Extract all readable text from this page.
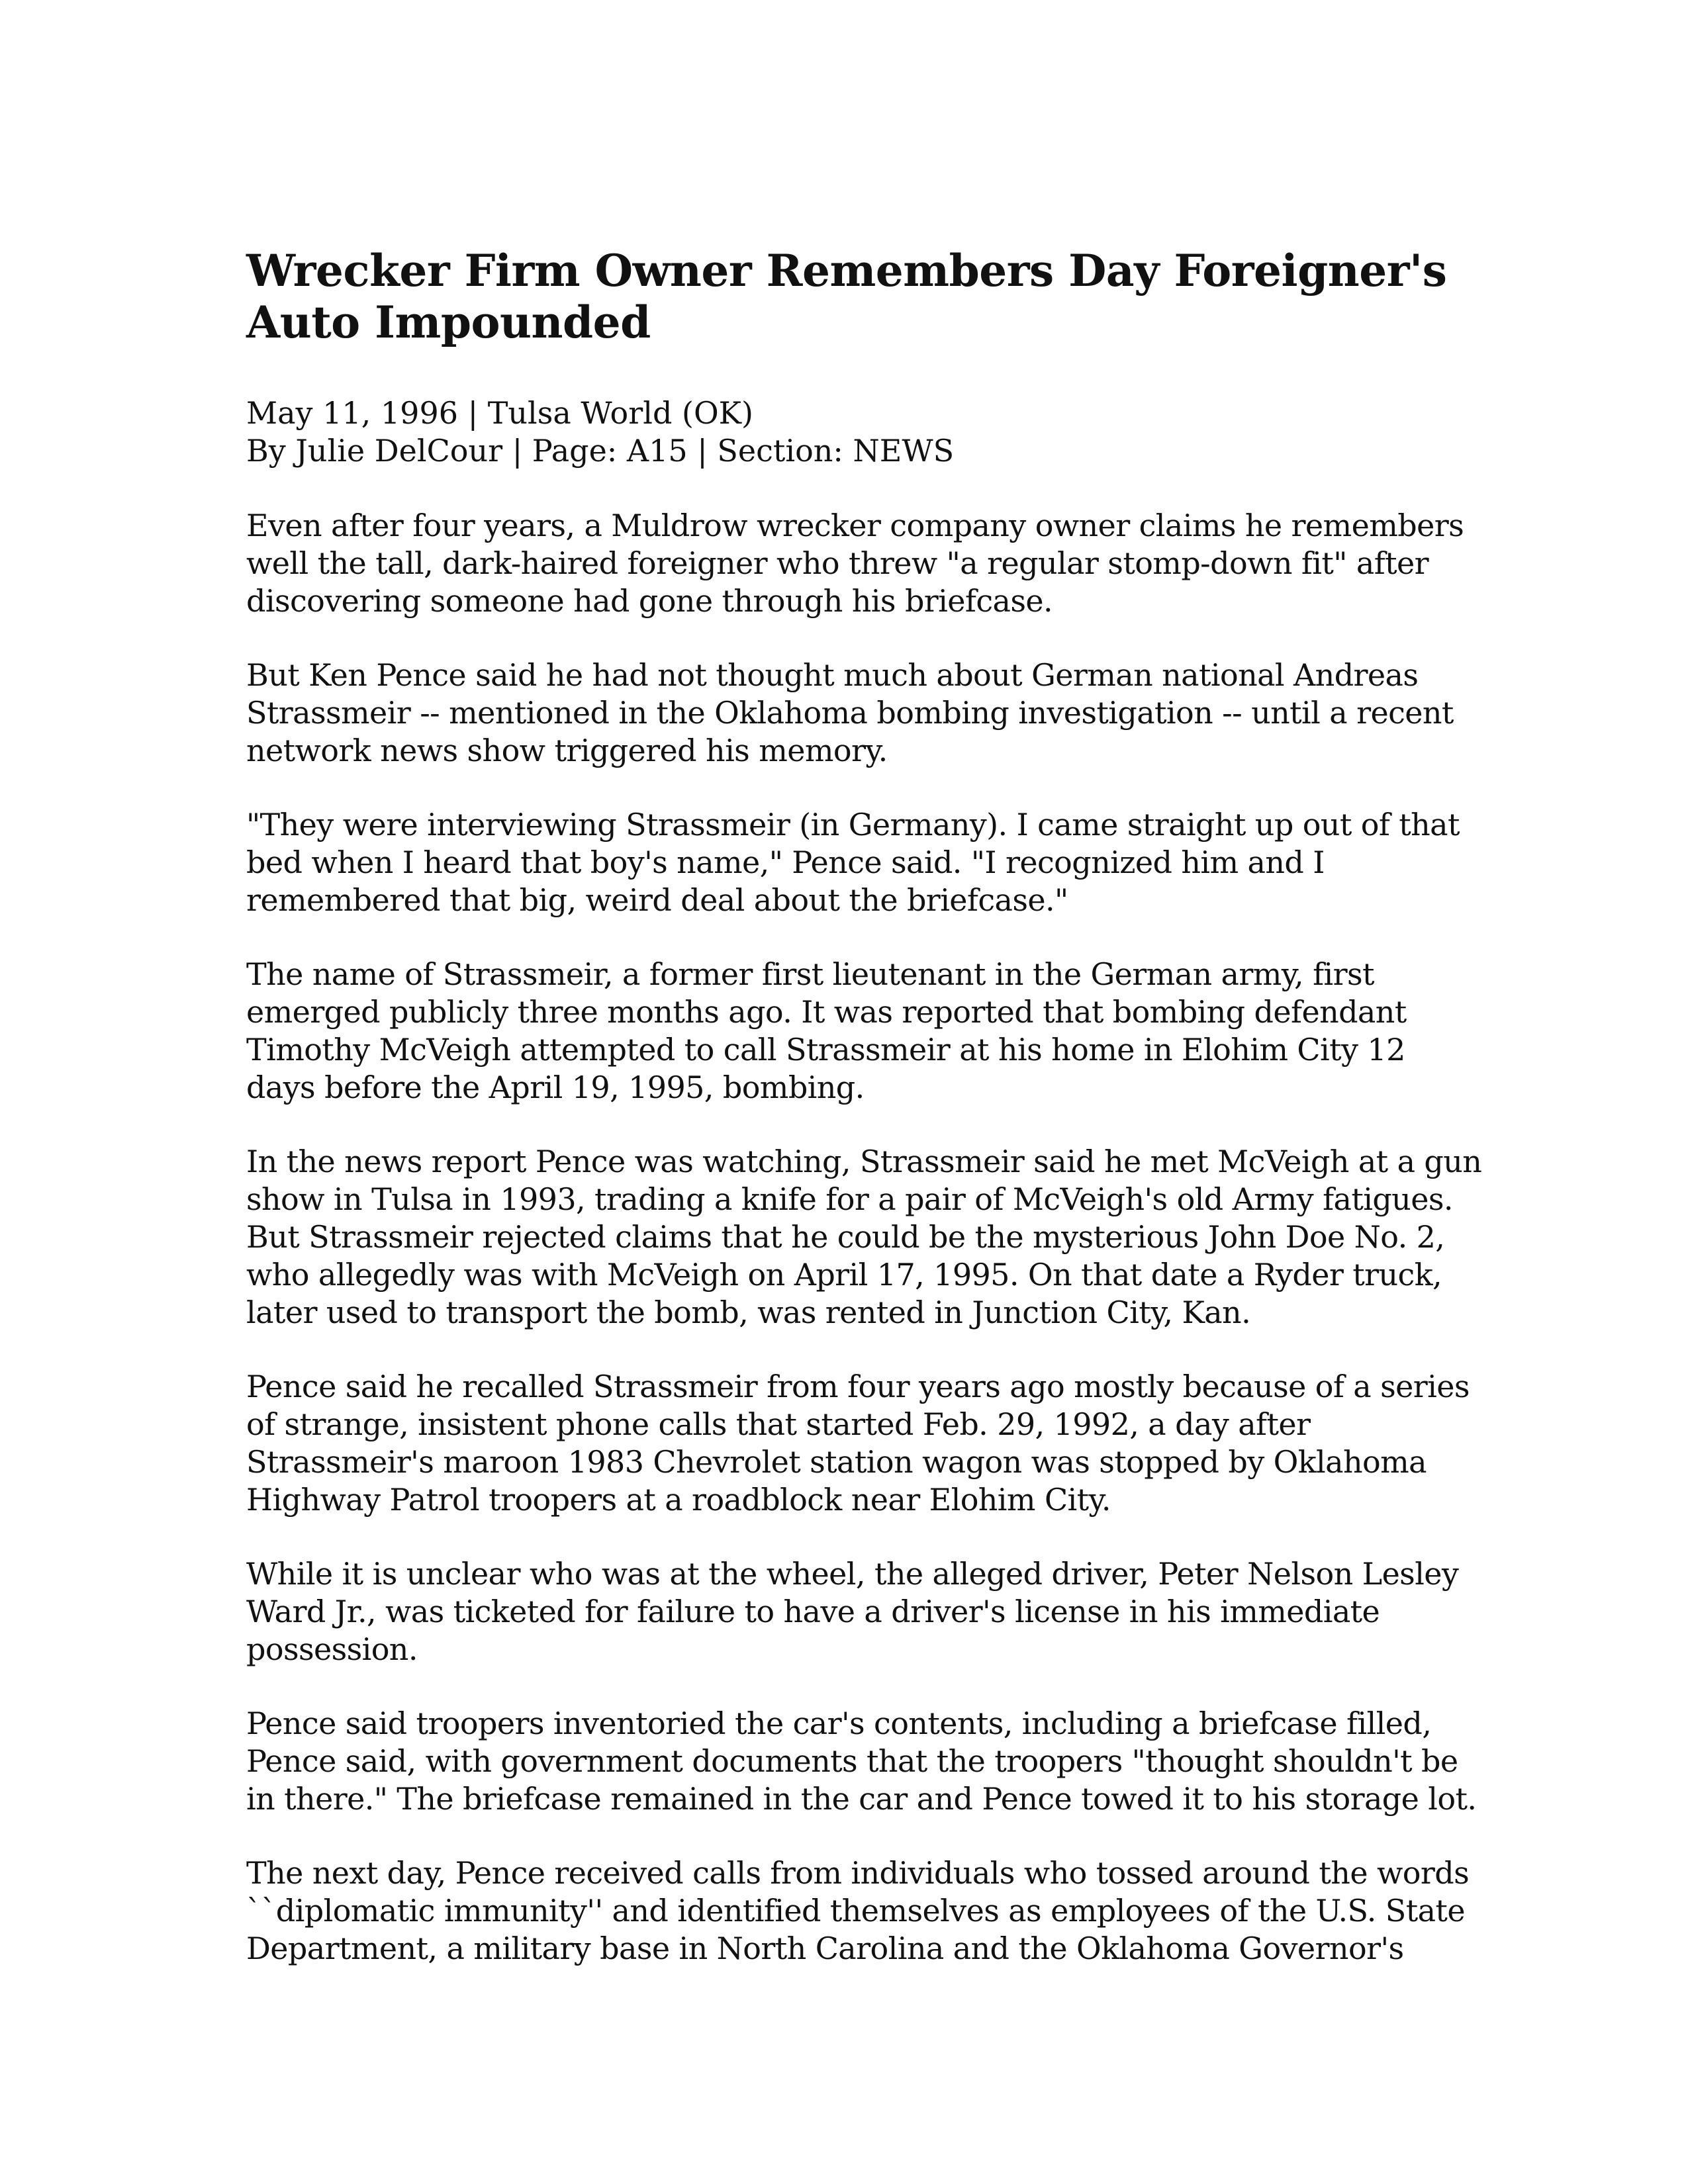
Wrecker Firm Owner Remembers Day Foreigner's
Auto Impounded
May 11, 1996 | Tulsa World (OK)
By Julie DelCour | Page: A15 | Section: NEWS

Even after four years, a Muldrow wrecker company owner claims he remembers
well the tall, dark-haired foreigner who threw "a regular stomp-down fit" after
discovering someone had gone through his briefcase.

But Ken Pence said he had not thought much about German national Andreas
Strassmeir -- mentioned in the Oklahoma bombing investigation -- until a recent
network news show triggered his memory.

"They were interviewing Strassmeir (in Germany). I came straight up out of that
bed when I heard that boy's name," Pence said. "I recognized him and I
remembered that big, weird deal about the briefcase."

The name of Strassmeir, a former first lieutenant in the German army, first
emerged publicly three months ago. It was reported that bombing defendant
Timothy McVeigh attempted to call Strassmeir at his home in Elohim City 12
days before the April 19, 1995, bombing.

In the news report Pence was watching, Strassmeir said he met McVeigh at a gun
show in Tulsa in 1993, trading a knife for a pair of McVeigh's old Army fatigues.
But Strassmeir rejected claims that he could be the mysterious John Doe No. 2,
who allegedly was with McVeigh on April 17, 1995. On that date a Ryder truck,
later used to transport the bomb, was rented in Junction City, Kan.

Pence said he recalled Strassmeir from four years ago mostly because of a series
of strange, insistent phone calls that started Feb. 29, 1992, a day after
Strassmeir's maroon 1983 Chevrolet station wagon was stopped by Oklahoma
Highway Patrol troopers at a roadblock near Elohim City.

While it is unclear who was at the wheel, the alleged driver, Peter Nelson Lesley
Ward Jr., was ticketed for failure to have a driver's license in his immediate
possession.

Pence said troopers inventoried the car's contents, including a briefcase filled,
Pence said, with government documents that the troopers "thought shouldn't be
in there." The briefcase remained in the car and Pence towed it to his storage lot.

The next day, Pence received calls from individuals who tossed around the words
``diplomatic immunity'' and identified themselves as employees of the U.S. State
Department, a military base in North Carolina and the Oklahoma Governor's
